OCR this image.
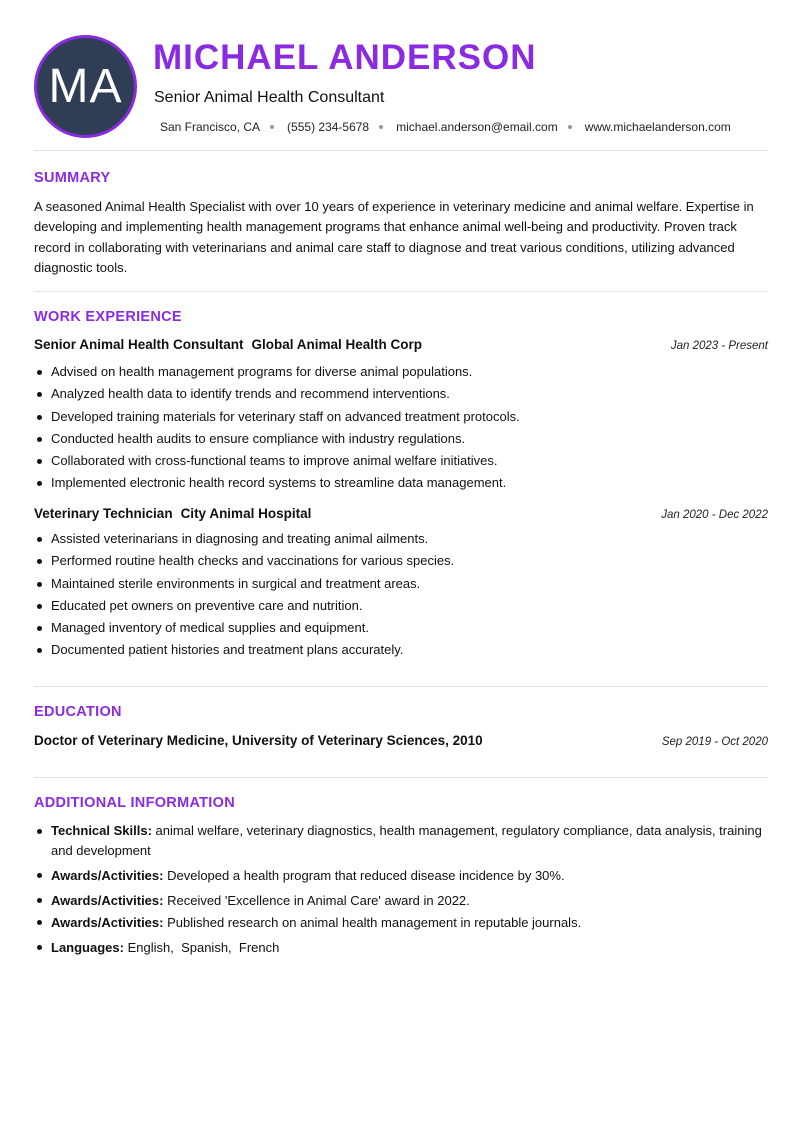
MA
MICHAEL ANDERSON
Senior Animal Health Consultant
San Francisco, CA (555) 234-5678 michael.anderson@email.com www.michaelanderson.com
SUMMARY
A seasoned Animal Health Specialist with over 10 years of experience in veterinary medicine and animal welfare. Expertise in developing and implementing health management programs that enhance animal well-being and productivity. Proven track record in collaborating with veterinarians and animal care staff to diagnose and treat various conditions, utilizing advanced diagnostic tools.
WORK EXPERIENCE
Senior Animal Health Consultant Global Animal Health Corp	Jan 2023 - Present
Advised on health management programs for diverse animal populations.
Analyzed health data to identify trends and recommend interventions.
Developed training materials for veterinary staff on advanced treatment protocols.
Conducted health audits to ensure compliance with industry regulations.
Collaborated with cross-functional teams to improve animal welfare initiatives.
Implemented electronic health record systems to streamline data management.
Veterinary Technician City Animal Hospital	Jan 2020 - Dec 2022
Assisted veterinarians in diagnosing and treating animal ailments.
Performed routine health checks and vaccinations for various species.
Maintained sterile environments in surgical and treatment areas.
Educated pet owners on preventive care and nutrition.
Managed inventory of medical supplies and equipment.
Documented patient histories and treatment plans accurately.
EDUCATION
Doctor of Veterinary Medicine, University of Veterinary Sciences, 2010	Sep 2019 - Oct 2020
ADDITIONAL INFORMATION
Technical Skills: animal welfare, veterinary diagnostics, health management, regulatory compliance, data analysis, training and development
Awards/Activities: Developed a health program that reduced disease incidence by 30%.
Awards/Activities: Received 'Excellence in Animal Care' award in 2022.
Awards/Activities: Published research on animal health management in reputable journals.
Languages: English,  Spanish,  French
